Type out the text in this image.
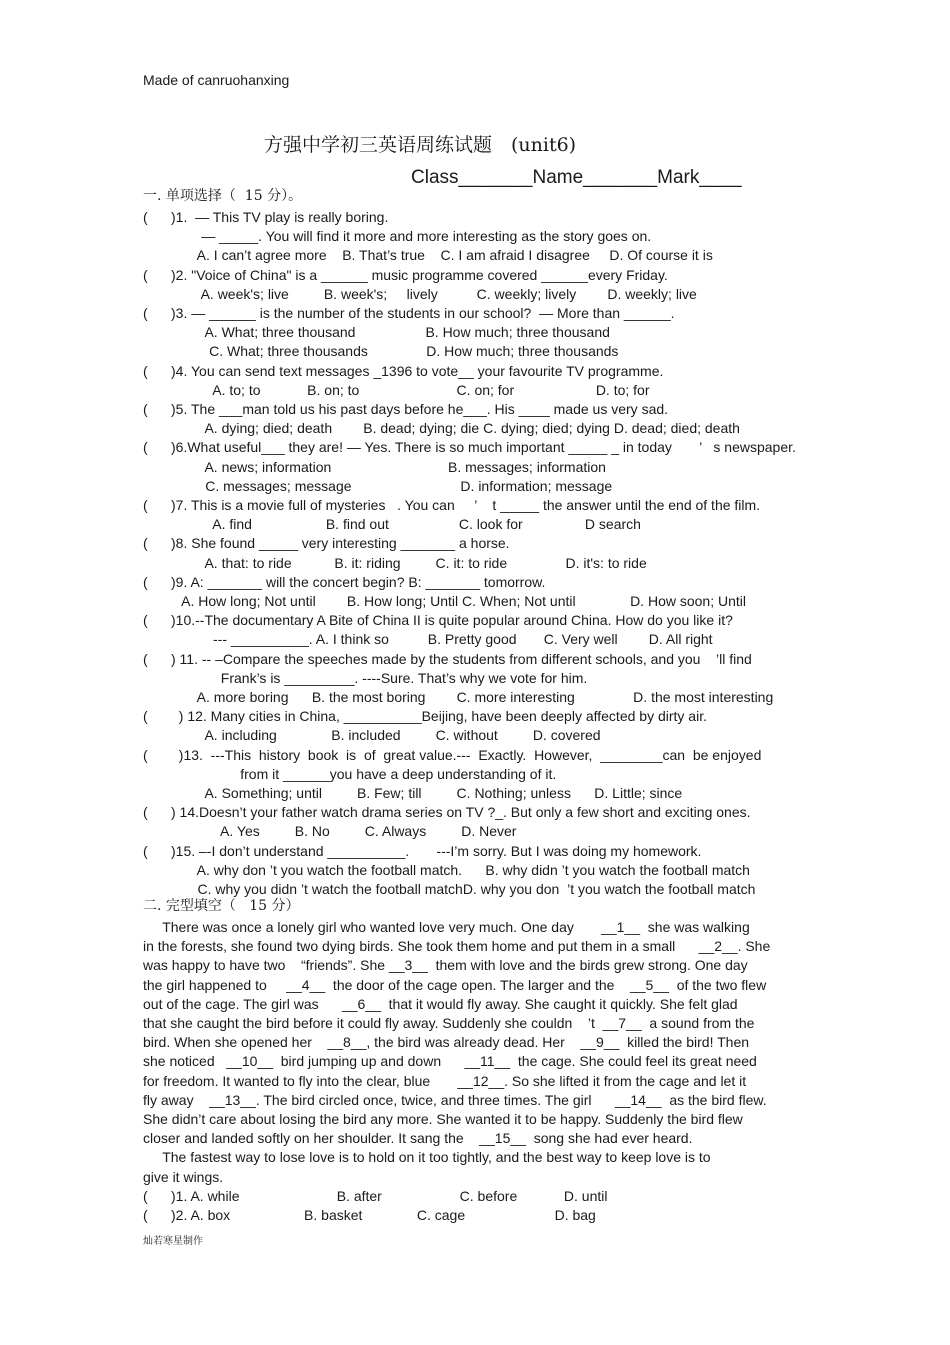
Made of canruohanxing
方强中学初三英语周练试题　(unit6)
Class_______Name_______Mark____
一. 单项选择（  15 分）。
(      )1.  — This TV play is really boring.
— _____. You will find it more and more interesting as the story goes on.
A. I can’t agree more    B. That’s true    C. I am afraid I disagree     D. Of course it is
(      )2. "Voice of China" is a ______ music programme covered ______every Friday.
A. week's; live         B. week's;     lively          C. weekly; lively        D. weekly; live
(      )3. — ______ is the number of the students in our school?  — More than ______.
A. What; three thousand                  B. How much; three thousand
C. What; three thousands               D. How much; three thousands
(      )4. You can send text messages _1396 to vote__ your favourite TV programme.
A. to; to            B. on; to                         C. on; for                     D. to; for
(      )5. The ___man told us his past days before he___. His ____ made us very sad.
A. dying; died; death        B. dead; dying; die C. dying; died; dying D. dead; died; death
(      )6.What useful___ they are! — Yes. There is so much important _____ _ in today       ’   s newspaper.
A. news; information                              B. messages; information
C. messages; message                            D. information; message
(      )7. This is a movie full of mysteries   . You can     ’    t _____ the answer until the end of the film.
A. find                   B. find out                  C. look for                D search
(      )8. She found _____ very interesting _______ a horse.
A. that: to ride           B. it: riding         C. it: to ride               D. it's: to ride
(      )9. A: _______ will the concert begin? B: _______ tomorrow.
A. How long; Not until        B. How long; Until C. When; Not until              D. How soon; Until
(      )10.--The documentary A Bite of China II is quite popular around China. How do you like it?
--- __________. A. I think so          B. Pretty good       C. Very well        D. All right
(      ) 11. -- –Compare the speeches made by the students from different schools, and you    ’ll find
Frank’s is _________. ----Sure. That’s why we vote for him.
A. more boring      B. the most boring        C. more interesting               D. the most interesting
(        ) 12. Many cities in China, __________Beijing, have been deeply affected by dirty air.
A. including              B. included         C. without         D. covered
(        )13.  ---This  history  book  is  of  great value.---  Exactly.  However,  ________can  be enjoyed
from it ______you have a deep understanding of it.
A. Something; until         B. Few; till         C. Nothing; unless      D. Little; since
(      ) 14.Doesn’t your father watch drama series on TV ?_. But only a few short and exciting ones.
A. Yes         B. No         C. Always         D. Never
(      )15. –-I don’t understand __________.       ---I’m sorry. But I was doing my homework.
A. why don ’t you watch the football match.      B. why didn ’t you watch the football match
C. why you didn ’t watch the football matchD. why you don  ’t you watch the football match
二. 完型填空（   15 分）
There was once a lonely girl who wanted love very much. One day       __1__  she was walking
in the forests, she found two dying birds. She took them home and put them in a small      __2__. She
was happy to have two    “friends”. She __3__  them with love and the birds grew strong. One day
the girl happened to     __4__  the door of the cage open. The larger and the    __5__  of the two flew
out of the cage. The girl was      __6__  that it would fly away. She caught it quickly. She felt glad
that she caught the bird before it could fly away. Suddenly she couldn    ’t  __7__  a sound from the
bird. When she opened her    __8__, the bird was already dead. Her    __9__  killed the bird! Then
she noticed   __10__  bird jumping up and down      __11__  the cage. She could feel its great need
for freedom. It wanted to fly into the clear, blue       __12__. So she lifted it from the cage and let it
fly away    __13__. The bird circled once, twice, and three times. The girl      __14__  as the bird flew.
She didn’t care about losing the bird any more. She wanted it to be happy. Suddenly the bird flew
closer and landed softly on her shoulder. It sang the    __15__  song she had ever heard.
The fastest way to lose love is to hold on it too tightly, and the best way to keep love is to
give it wings.
(      )1. A. while                         B. after                    C. before            D. until
(      )2. A. box                   B. basket              C. cage                       D. bag
灿若寒星制作
